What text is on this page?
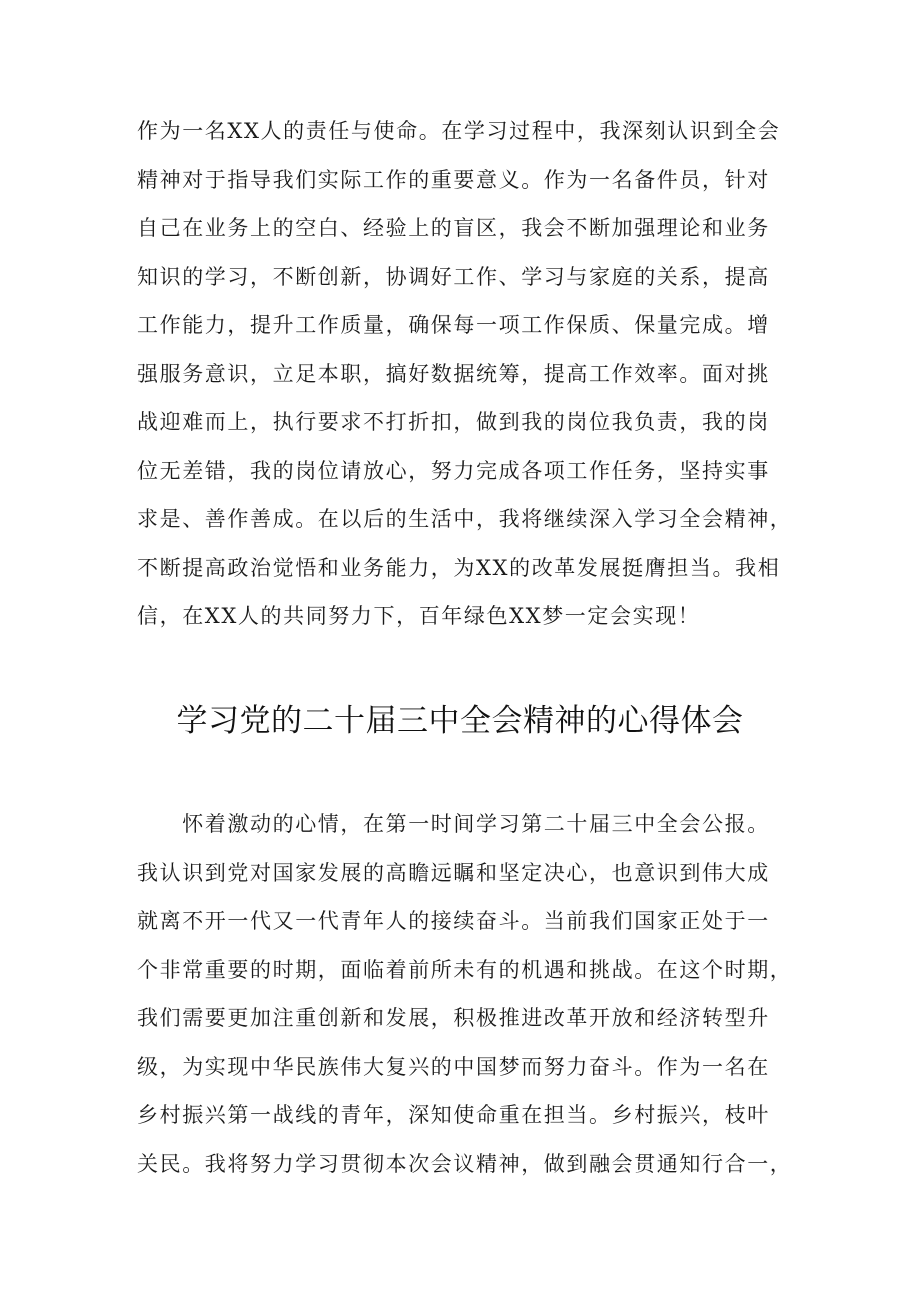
作为一名XX人的责任与使命。在学习过程中，我深刻认识到全会
精神对于指导我们实际工作的重要意义。作为一名备件员，针对
自己在业务上的空白、经验上的盲区，我会不断加强理论和业务
知识的学习，不断创新，协调好工作、学习与家庭的关系，提高
工作能力，提升工作质量，确保每一项工作保质、保量完成。增
强服务意识，立足本职，搞好数据统筹，提高工作效率。面对挑
战迎难而上，执行要求不打折扣，做到我的岗位我负责，我的岗
位无差错，我的岗位请放心，努力完成各项工作任务，坚持实事
求是、善作善成。在以后的生活中，我将继续深入学习全会精神，
不断提高政治觉悟和业务能力，为XX的改革发展挺膺担当。我相
信，在XX人的共同努力下，百年绿色XX梦一定会实现！
学习党的二十届三中全会精神的心得体会
　　怀着激动的心情，在第一时间学习第二十届三中全会公报。
我认识到党对国家发展的高瞻远瞩和坚定决心，也意识到伟大成
就离不开一代又一代青年人的接续奋斗。当前我们国家正处于一
个非常重要的时期，面临着前所未有的机遇和挑战。在这个时期，
我们需要更加注重创新和发展，积极推进改革开放和经济转型升
级，为实现中华民族伟大复兴的中国梦而努力奋斗。作为一名在
乡村振兴第一战线的青年，深知使命重在担当。乡村振兴，枝叶
关民。我将努力学习贯彻本次会议精神，做到融会贯通知行合一，
